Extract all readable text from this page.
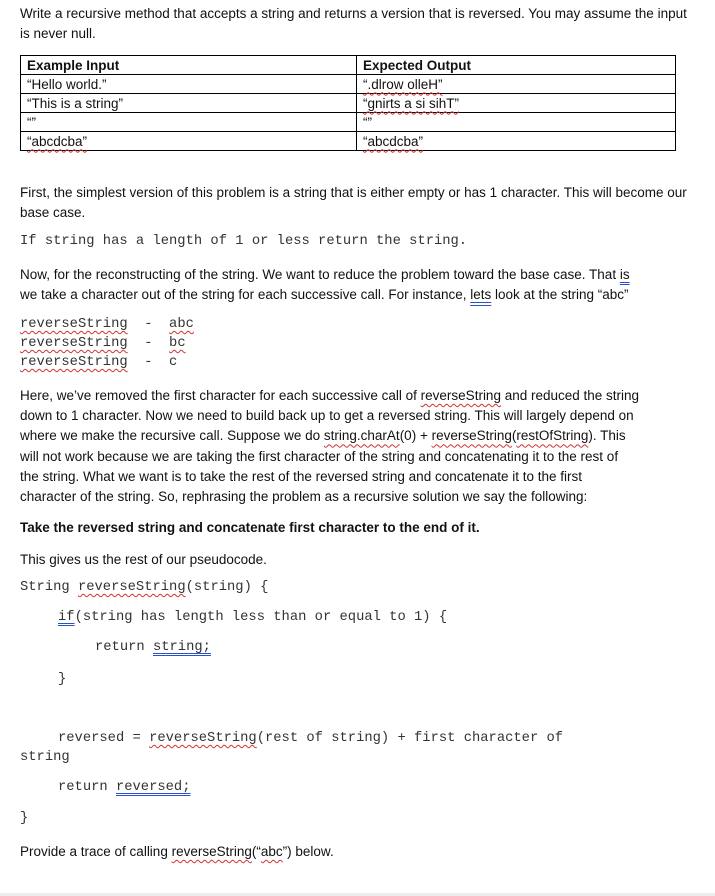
Write a recursive method that accepts a string and returns a version that is reversed. You may assume the input is never null.
Example Input	Expected Output
“Hello world.”	“.dlrow olleH”
“This is a string”	“gnirts a si sihT”
“”	“”
“abcdcba”	“abcdcba”
First, the simplest version of this problem is a string that is either empty or has 1 character. This will become our base case.
If string has a length of 1 or less return the string.
Now, for the reconstructing of the string. We want to reduce the problem toward the base case. That is
we take a character out of the string for each successive call. For instance, lets look at the string “abc”
reverseString  -  abc
reverseString  -  bc
reverseString  -  c
Here, we’ve removed the first character for each successive call of reverseString and reduced the string
down to 1 character. Now we need to build back up to get a reversed string. This will largely depend on
where we make the recursive call. Suppose we do string.charAt(0) + reverseString(restOfString). This
will not work because we are taking the first character of the string and concatenating it to the rest of
the string. What we want is to take the rest of the reversed string and concatenate it to the first
character of the string. So, rephrasing the problem as a recursive solution we say the following:
Take the reversed string and concatenate first character to the end of it.
This gives us the rest of our pseudocode.
String reverseString(string) {
if(string has length less than or equal to 1) {
return string;
}
reversed = reverseString(rest of string) + first character of
string
return reversed;
}
Provide a trace of calling reverseString(“abc”) below.
